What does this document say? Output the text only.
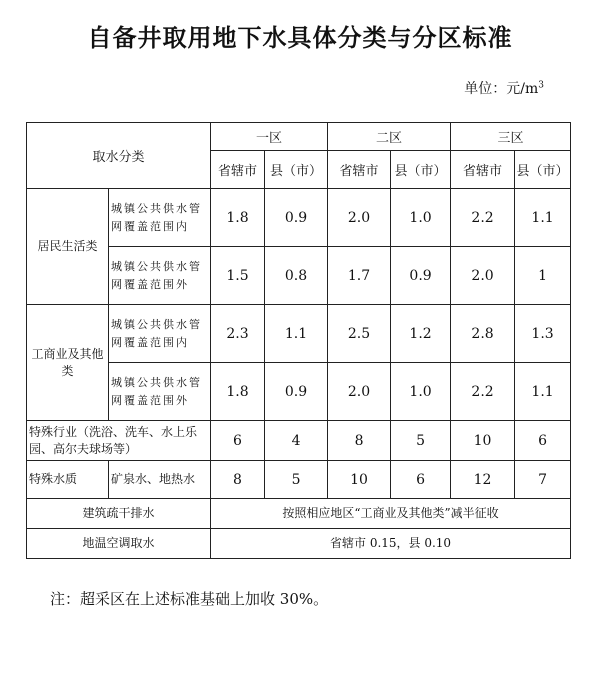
自备井取用地下水具体分类与分区标准
单位：元$/m^3$
取水分类		一区		二区		三区	
		省辖市	县（市）	省辖市	县（市）	省辖市	县（市）
居民生活类	城镇公共供水管网覆盖范围内	1.8	0.9	2.0	1.0	2.2	1.1
	城镇公共供水管网覆盖范围外	1.5	0.8	1.7	0.9	2.0	1
工商业及其他类	城镇公共供水管网覆盖范围内	2.3	1.1	2.5	1.2	2.8	1.3
	城镇公共供水管网覆盖范围外	1.8	0.9	2.0	1.0	2.2	1.1
特殊行业（洗浴、洗车、水上乐园、高尔夫球场等）		6	4	8	5	10	6
特殊水质	矿泉水、地热水	8	5	10	6	12	7
建筑疏干排水		按照相应地区“工商业及其他类”减半征收					
地温空调取水		省辖市 0.15，县 0.10					
注：超采区在上述标准基础上加收 30%。
